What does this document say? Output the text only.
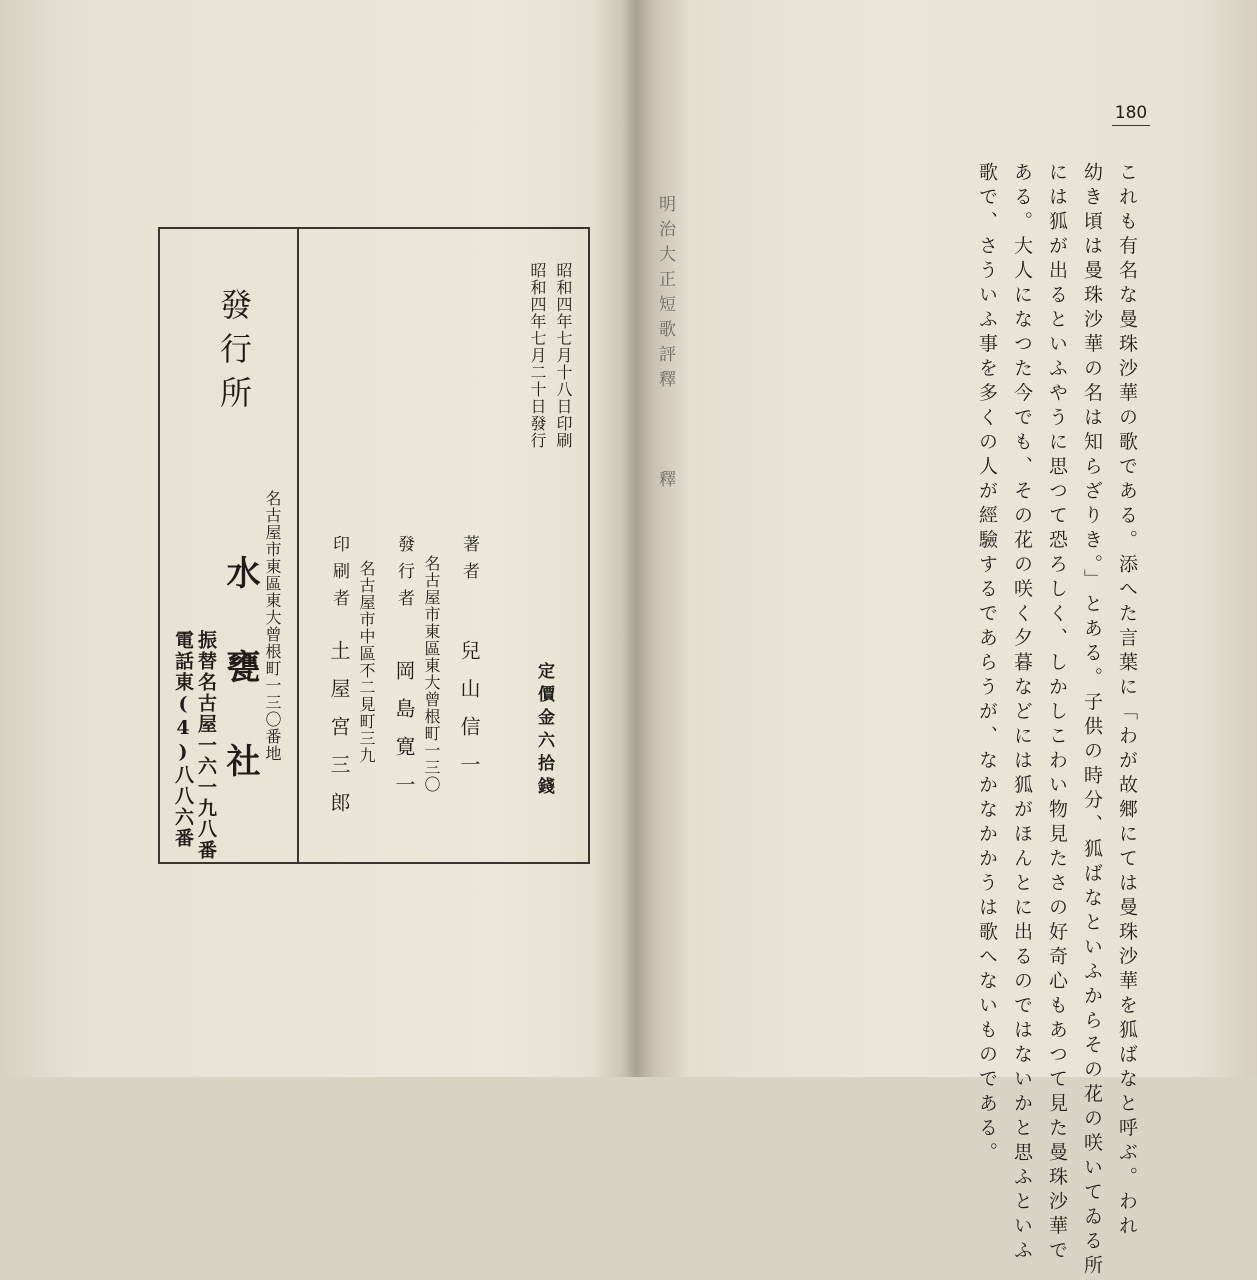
昭和四年七月十八日印刷
昭和四年七月二十日發行
定價金六拾錢
著者
兒山信一
名古屋市東區東大曾根町一三〇
發行者
岡島寛一
名古屋市中區不二見町三九
印刷者
土屋宮三郎
發行所
名古屋市東區東大曾根町一三〇番地
水甕社
振替名古屋一六一九八番
電話東(4)八八六番
明治大正短歌評釋　　　釋
180
これも有名な曼珠沙華の歌である。添へた言葉に「わが故郷にては曼珠沙華を狐ばなと呼ぶ。われ
幼き頃は曼珠沙華の名は知らざりき。」とある。子供の時分、狐ばなといふからその花の咲いてゐる所
には狐が出るといふやうに思つて恐ろしく、しかしこわい物見たさの好奇心もあつて見た曼珠沙華で
ある。大人になつた今でも、その花の咲く夕暮などには狐がほんとに出るのではないかと思ふといふ
歌で、さういふ事を多くの人が經驗するであらうが、なかなかかうは歌へないものである。
